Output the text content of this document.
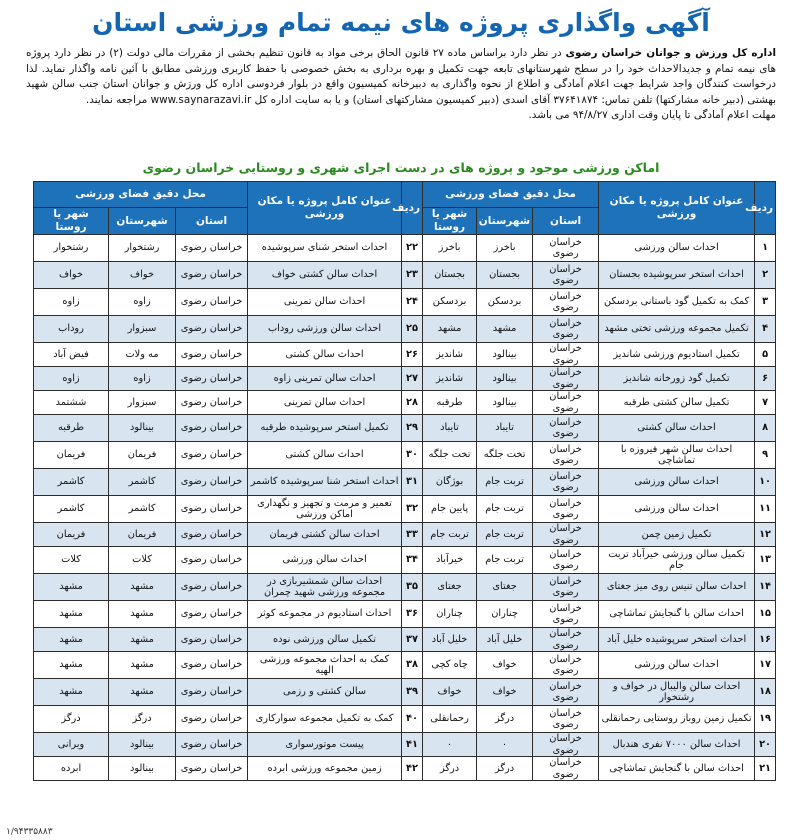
آگهی واگذاری پروژه های نیمه تمام ورزشی استان
اداره کل ورزش و جوانان خراسان رضوی در نظر دارد براساس ماده ۲۷ قانون الحاق برخی مواد به قانون تنظیم بخشی از مقررات مالی دولت (۲) در نظر دارد پروژه های نیمه تمام و جدیدالاحداث خود را در سطح شهرستانهای تابعه جهت تکمیل و بهره برداری به بخش خصوصی با حفظ کاربری ورزشی مطابق با آئین نامه واگذار نماید. لذا درخواست کنندگان واجد شرایط جهت اعلام آمادگی و اطلاع از نحوه واگذاری به دبیرخانه کمیسیون واقع در بلوار فردوسی اداره کل ورزش و جوانان استان جنب سالن شهید بهشتی (دبیر خانه مشارکتها) تلفن تماس: ۳۷۶۴۱۸۷۴ آقای اسدی (دبیر کمیسیون مشارکتهای استان) و یا به سایت اداره کل www.saynarazavi.ir مراجعه نمایند.
مهلت اعلام آمادگی تا پایان وقت اداری ۹۴/۸/۲۷ می باشد.
اماکن ورزشی موجود و پروژه های در دست اجرای شهری و روستایی خراسان رضوی
ردیف	عنوان کامل پروژه یا مکان ورزشی	محل دقیق فضای ورزشی			ردیف	عنوان کامل پروژه یا مکان ورزشی	محل دقیق فضای ورزشی		
		استان	شهرستان	شهر یا روستا			استان	شهرستان	شهر یا روستا
۱	احداث سالن ورزشی	خراسان رضوی	باخرز	باخرز	۲۲	احداث استخر شنای سرپوشیده	خراسان رضوی	رشتخوار	رشتخوار
۲	احداث استخر سرپوشیده بجستان	خراسان رضوی	بجستان	بجستان	۲۳	احداث سالن کشتی خواف	خراسان رضوی	خواف	خواف
۳	کمک به تکمیل گود باستانی بردسکن	خراسان رضوی	بردسکن	بردسکن	۲۴	احداث سالن تمرینی	خراسان رضوی	زاوه	زاوه
۴	تکمیل مجموعه ورزشی تختی مشهد	خراسان رضوی	مشهد	مشهد	۲۵	احداث سالن ورزشی روداب	خراسان رضوی	سبزوار	روداب
۵	تکمیل استادیوم ورزشی شاندیز	خراسان رضوی	بینالود	شاندیز	۲۶	احداث سالن کشتی	خراسان رضوی	مه ولات	فیض آباد
۶	تکمیل گود زورخانه شاندیز	خراسان رضوی	بینالود	شاندیز	۲۷	احداث سالن تمرینی زاوه	خراسان رضوی	زاوه	زاوه
۷	تکمیل سالن کشتی طرقبه	خراسان رضوی	بینالود	طرقبه	۲۸	احداث سالن تمرینی	خراسان رضوی	سبزوار	ششتمد
۸	احداث سالن کشتی	خراسان رضوی	تایباد	تایباد	۲۹	تکمیل استخر سرپوشیده طرقبه	خراسان رضوی	بینالود	طرقبه
۹	احداث سالن شهر فیروزه با تماشاچی	خراسان رضوی	تخت جلگه	تخت جلگه	۳۰	احداث سالن کشتی	خراسان رضوی	فریمان	فریمان
۱۰	احداث سالن ورزشی	خراسان رضوی	تربت جام	بوژگان	۳۱	احداث استخر شنا سرپوشیده کاشمر	خراسان رضوی	کاشمر	کاشمر
۱۱	احداث سالن ورزشی	خراسان رضوی	تربت جام	پایین جام	۳۲	تعمیر و مرمت و تجهیز و نگهداری اماکن ورزشی	خراسان رضوی	کاشمر	کاشمر
۱۲	تکمیل زمین چمن	خراسان رضوی	تربت جام	تربت جام	۳۳	احداث سالن کشتی فریمان	خراسان رضوی	فریمان	فریمان
۱۳	تکمیل سالن ورزشی خیرآباد تربت جام	خراسان رضوی	تربت جام	خیرآباد	۳۴	احداث سالن ورزشی	خراسان رضوی	کلات	کلات
۱۴	احداث سالن تنیس روی میز جغتای	خراسان رضوی	جغتای	جغتای	۳۵	احداث سالن شمشیربازی در مجموعه ورزشی شهید چمران	خراسان رضوی	مشهد	مشهد
۱۵	احداث سالن با گنجایش تماشاچی	خراسان رضوی	چناران	چناران	۳۶	احداث استادیوم در مجموعه کوثر	خراسان رضوی	مشهد	مشهد
۱۶	احداث استخر سرپوشیده خلیل آباد	خراسان رضوی	خلیل آباد	خلیل آباد	۳۷	تکمیل سالن ورزشی نوده	خراسان رضوی	مشهد	مشهد
۱۷	احداث سالن ورزشی	خراسان رضوی	خواف	چاه کچی	۳۸	کمک به احداث مجموعه ورزشی الهیه	خراسان رضوی	مشهد	مشهد
۱۸	احداث سالن والیبال در خواف و رشتخوار	خراسان رضوی	خواف	خواف	۳۹	سالن کشتی و رزمی	خراسان رضوی	مشهد	مشهد
۱۹	تکمیل زمین روباز روستایی رحمانقلی	خراسان رضوی	درگز	رحمانقلی	۴۰	کمک به تکمیل مجموعه سوارکاری	خراسان رضوی	درگز	درگز
۲۰	احداث سالن ۷۰۰۰ نفری هندبال	خراسان رضوی	۰	۰	۴۱	پیست موتورسواری	خراسان رضوی	بینالود	ویرانی
۲۱	احداث سالن با گنجایش تماشاچی	خراسان رضوی	درگز	درگز	۴۲	زمین مجموعه ورزشی ابرده	خراسان رضوی	بینالود	ابرده
۱/۹۴۳۳۵۸۸۳
